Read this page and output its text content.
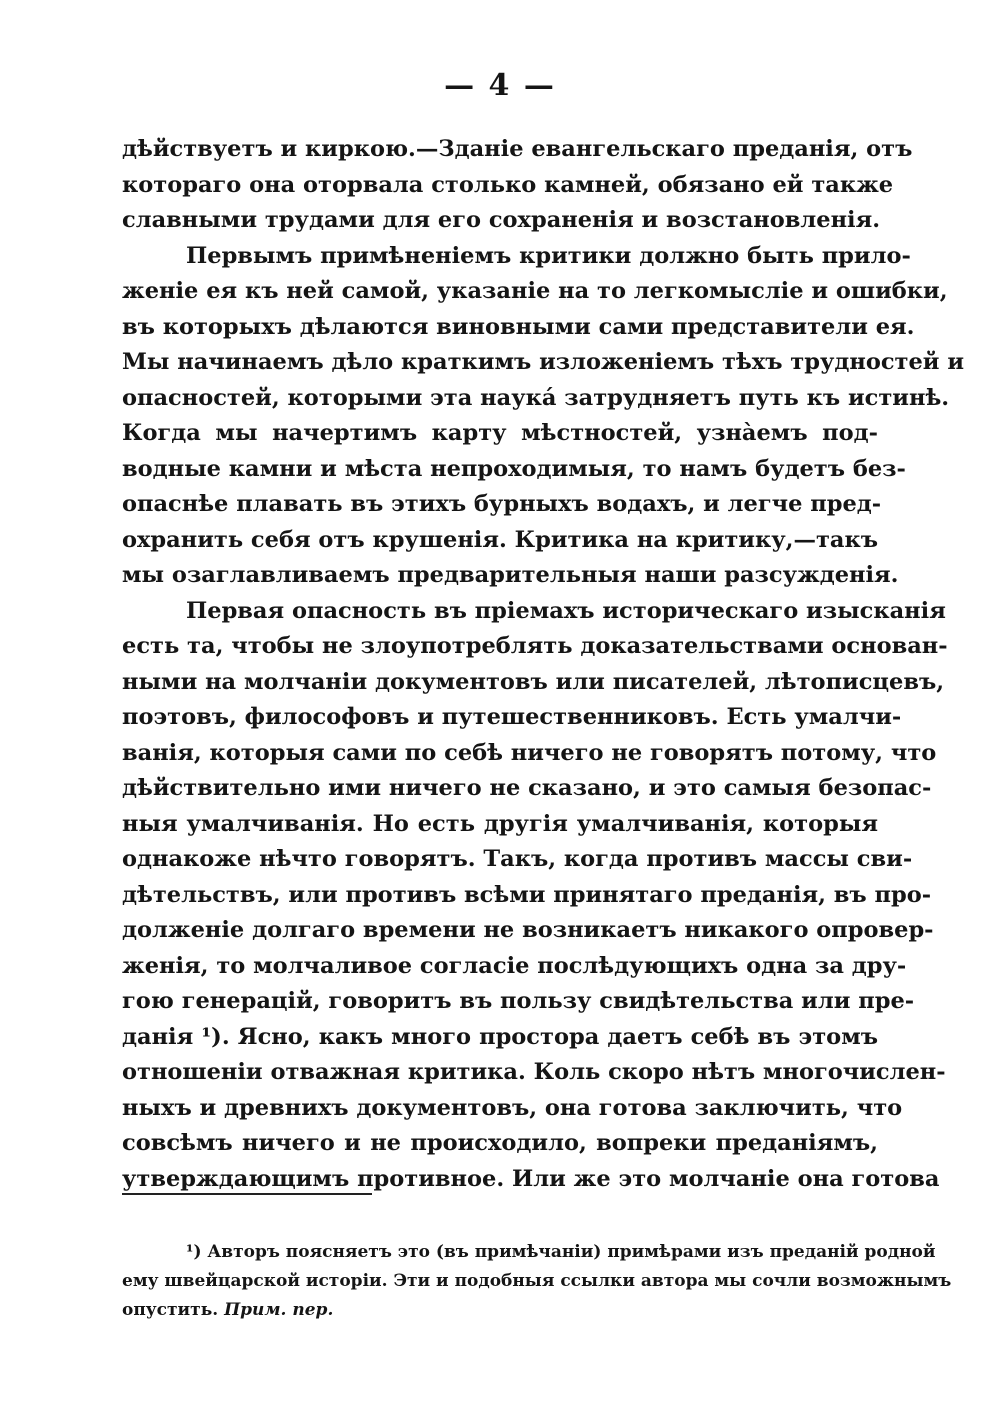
— 4 —
дѣйствуетъ и киркою.—Зданіе евангельскаго преданія, отъ
котораго она оторвала столько камней, обязано ей также
славными трудами для его сохраненія и возстановленія.
Первымъ примѣненіемъ критики должно быть прило-
женіе ея къ ней самой, указаніе на то легкомысліе и ошибки,
въ которыхъ дѣлаются виновными сами представители ея.
Мы начинаемъ дѣло краткимъ изложеніемъ тѣхъ трудностей и
опасностей, которыми эта наукá затрудняетъ путь къ истинѣ.
Когда мы начертимъ карту мѣстностей, узнàемъ под-
водные камни и мѣста непроходимыя, то намъ будетъ без-
опаснѣе плавать въ этихъ бурныхъ водахъ, и легче пред-
охранить себя отъ крушенія. Критика на критику,—такъ
мы озаглавливаемъ предварительныя наши разсужденія.
Первая опасность въ пріемахъ историческаго изысканія
есть та, чтобы не злоупотреблять доказательствами основан-
ными на молчаніи документовъ или писателей, лѣтописцевъ,
поэтовъ, философовъ и путешественниковъ. Есть умалчи-
ванія, которыя сами по себѣ ничего не говорятъ потому, что
дѣйствительно ими ничего не сказано, и это самыя безопас-
ныя умалчиванія. Но есть другія умалчиванія, которыя
однакоже нѣчто говорятъ. Такъ, когда противъ массы сви-
дѣтельствъ, или противъ всѣми принятаго преданія, въ про-
долженіе долгаго времени не возникаетъ никакого опровер-
женія, то молчаливое согласіе послѣдующихъ одна за дру-
гою генерацій, говоритъ въ пользу свидѣтельства или пре-
данія ¹). Ясно, какъ много простора даетъ себѣ въ этомъ
отношеніи отважная критика. Коль скоро нѣтъ многочислен-
ныхъ и древнихъ документовъ, она готова заключить, что
совсѣмъ ничего и не происходило, вопреки преданіямъ,
утверждающимъ противное. Или же это молчаніе она готова
¹) Авторъ поясняетъ это (въ примѣчаніи) примѣрами изъ преданій родной
ему швейцарской исторіи. Эти и подобныя ссылки автора мы сочли возможнымъ
опустить. Прим. пер.
